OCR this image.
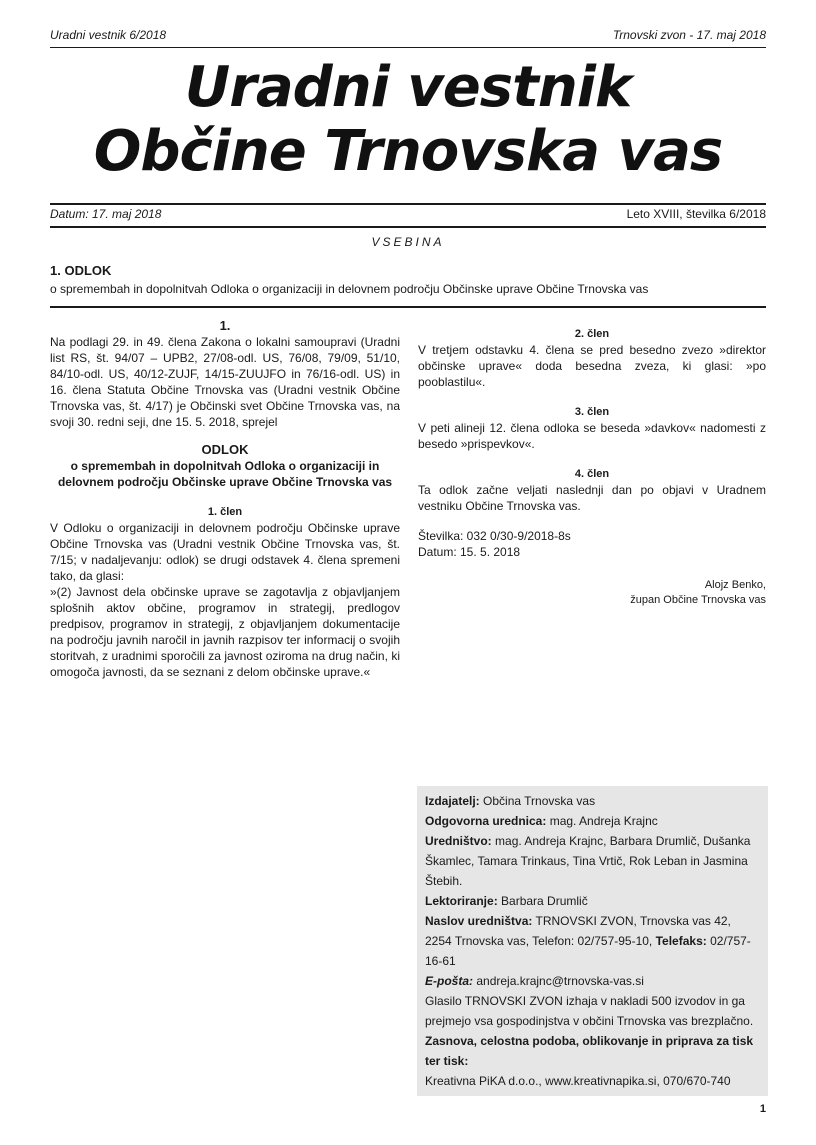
Uradni vestnik 6/2018	Trnovski zvon - 17. maj 2018
Uradni vestnik
Občine Trnovska vas
Datum: 17. maj 2018	Leto XVIII, številka 6/2018
VSEBINA
1. ODLOK
o spremembah in dopolnitvah Odloka o organizaciji in delovnem področju Občinske uprave Občine Trnovska vas
1.
Na podlagi 29. in 49. člena Zakona o lokalni samoupravi (Uradni list RS, št. 94/07 – UPB2, 27/08-odl. US, 76/08, 79/09, 51/10, 84/10-odl. US, 40/12-ZUJF, 14/15-ZUUJFO in 76/16-odl. US) in 16. člena Statuta Občine Trnovska vas (Uradni vestnik Občine Trnovska vas, št. 4/17) je Občinski svet Občine Trnovska vas, na svoji 30. redni seji, dne 15. 5. 2018, sprejel
ODLOK
o spremembah in dopolnitvah Odloka o organizaciji in delovnem področju Občinske uprave Občine Trnovska vas
1. člen
V Odloku o organizaciji in delovnem področju Občinske uprave Občine Trnovska vas (Uradni vestnik Občine Trnovska vas, št. 7/15; v nadaljevanju: odlok) se drugi odstavek 4. člena spremeni tako, da glasi:
»(2) Javnost dela občinske uprave se zagotavlja z objavljanjem splošnih aktov občine, programov in strategij, predlogov predpisov, programov in strategij, z objavljanjem dokumentacije na področju javnih naročil in javnih razpisov ter informacij o svojih storitvah, z uradnimi sporočili za javnost oziroma na drug način, ki omogoča javnosti, da se seznani z delom občinske uprave.«
2. člen
V tretjem odstavku 4. člena se pred besedno zvezo »direktor občinske uprave« doda besedna zveza, ki glasi: »po pooblastilu«.
3. člen
V peti alineji 12. člena odloka se beseda »davkov« nadomesti z besedo »prispevkov«.
4. člen
Ta odlok začne veljati naslednji dan po objavi v Uradnem vestniku Občine Trnovska vas.
Številka: 032 0/30-9/2018-8s
Datum: 15. 5. 2018
Alojz Benko,
župan Občine Trnovska vas
Izdajatelj: Občina Trnovska vas
Odgovorna urednica: mag. Andreja Krajnc
Uredništvo: mag. Andreja Krajnc, Barbara Drumlič, Dušanka Škamlec, Tamara Trinkaus, Tina Vrtič, Rok Leban in Jasmina Štebih.
Lektoriranje: Barbara Drumlič
Naslov uredništva: TRNOVSKI ZVON, Trnovska vas 42, 2254 Trnovska vas, Telefon: 02/757-95-10, Telefaks: 02/757-16-61
E-pošta: andreja.krajnc@trnovska-vas.si
Glasilo TRNOVSKI ZVON izhaja v nakladi 500 izvodov in ga prejmejo vsa gospodinjstva v občini Trnovska vas brezplačno.
Zasnova, celostna podoba, oblikovanje in priprava za tisk ter tisk:
Kreativna PiKA d.o.o., www.kreativnapika.si, 070/670-740
1
